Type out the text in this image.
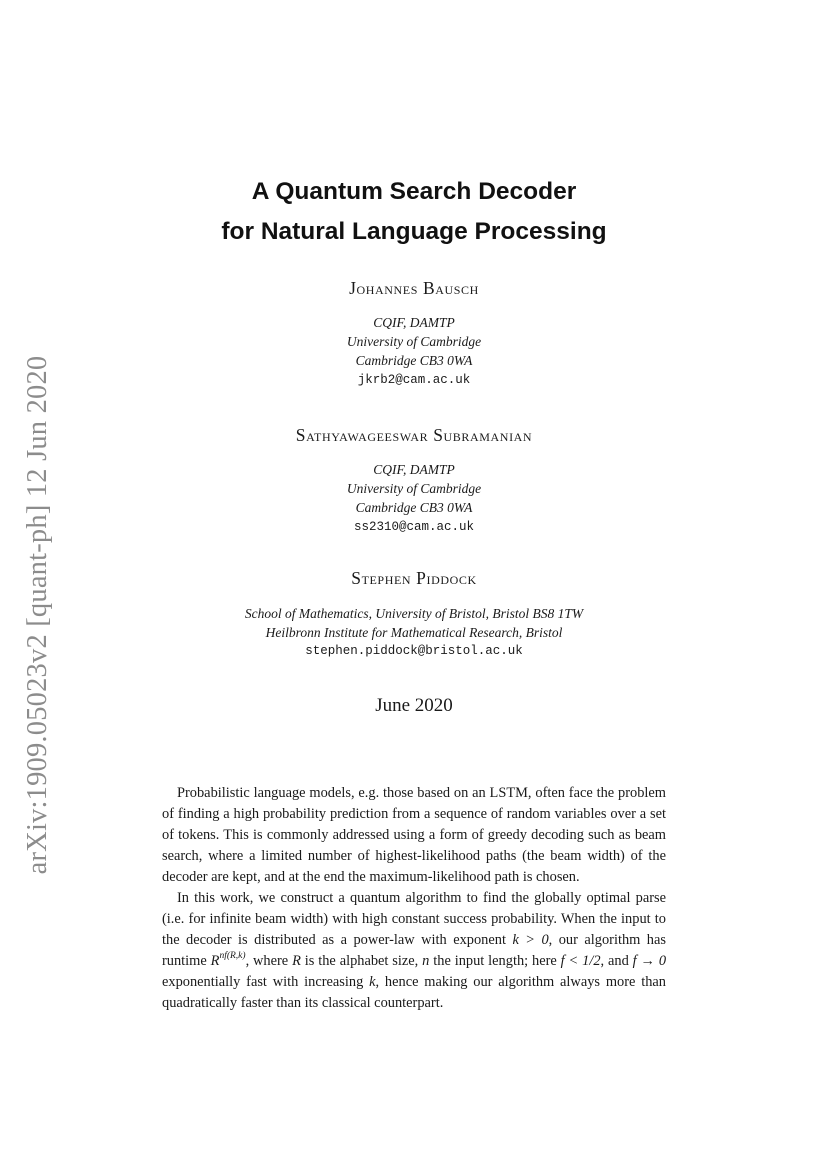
arXiv:1909.05023v2 [quant-ph] 12 Jun 2020
A Quantum Search Decoder
for Natural Language Processing
Johannes Bausch
CQIF, DAMTP
University of Cambridge
Cambridge CB3 0WA
jkrb2@cam.ac.uk
Sathyawageeswar Subramanian
CQIF, DAMTP
University of Cambridge
Cambridge CB3 0WA
ss2310@cam.ac.uk
Stephen Piddock
School of Mathematics, University of Bristol, Bristol BS8 1TW
Heilbronn Institute for Mathematical Research, Bristol
stephen.piddock@bristol.ac.uk
June 2020

Probabilistic language models, e.g. those based on an LSTM, often face the problem of finding a high probability prediction from a sequence of random variables over a set of tokens. This is commonly addressed using a form of greedy decoding such as beam search, where a limited number of highest-likelihood paths (the beam width) of the decoder are kept, and at the end the maximum-likelihood path is chosen.

In this work, we construct a quantum algorithm to find the globally optimal parse (i.e. for infinite beam width) with high constant success probability. When the input to the decoder is distributed as a power-law with exponent k > 0, our algorithm has runtime $R^{nf(R,k)}$, where R is the alphabet size, n the input length; here f < 1/2, and f → 0 exponentially fast with increasing k, hence making our algorithm always more than quadratically faster than its classical counterpart.
